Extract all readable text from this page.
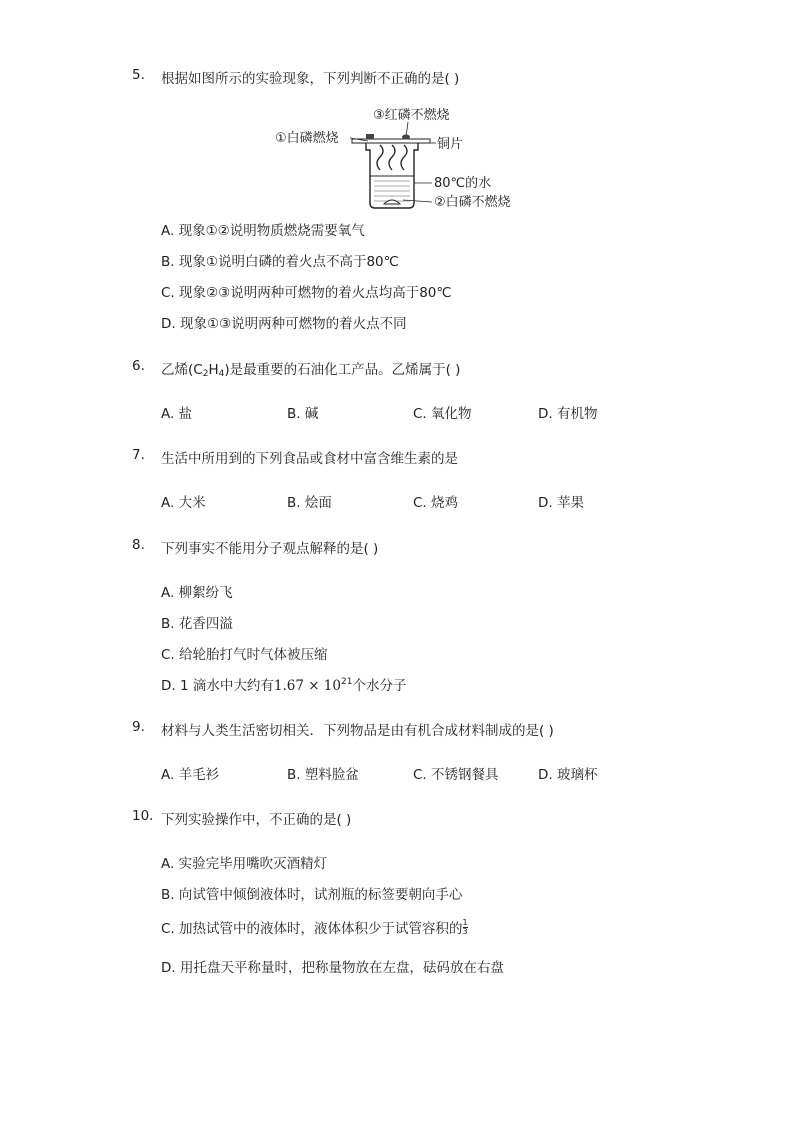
5. 根据如图所示的实验现象，下列判断不正确的是( )
③红磷不燃烧
①白磷燃烧	铜片
80℃的水
②白磷不燃烧
A. 现象①②说明物质燃烧需要氧气
B. 现象①说明白磷的着火点不高于80℃
C. 现象②③说明两种可燃物的着火点均高于80℃
D. 现象①③说明两种可燃物的着火点不同
6. 乙烯$(C_2H_4)$是最重要的石油化工产品。乙烯属于( )
A. 盐	B. 碱	C. 氧化物	D. 有机物
7. 生活中所用到的下列食品或食材中富含维生素的是
A. 大米	B. 烩面	C. 烧鸡	D. 苹果
8. 下列事实不能用分子观点解释的是( )
A. 柳絮纷飞
B. 花香四溢
C. 给轮胎打气时气体被压缩
D. 1 滴水中大约有$1.67 \times 10^{21}$个水分子
9. 材料与人类生活密切相关．下列物品是由有机合成材料制成的是( )
A. 羊毛衫	B. 塑料脸盆	C. 不锈钢餐具	D. 玻璃杯
10. 下列实验操作中，不正确的是( )
A. 实验完毕用嘴吹灭酒精灯
B. 向试管中倾倒液体时，试剂瓶的标签要朝向手心
C. 加热试管中的液体时，液体体积少于试管容积的 $\frac{1}{3}$
D. 用托盘天平称量时，把称量物放在左盘，砝码放在右盘
